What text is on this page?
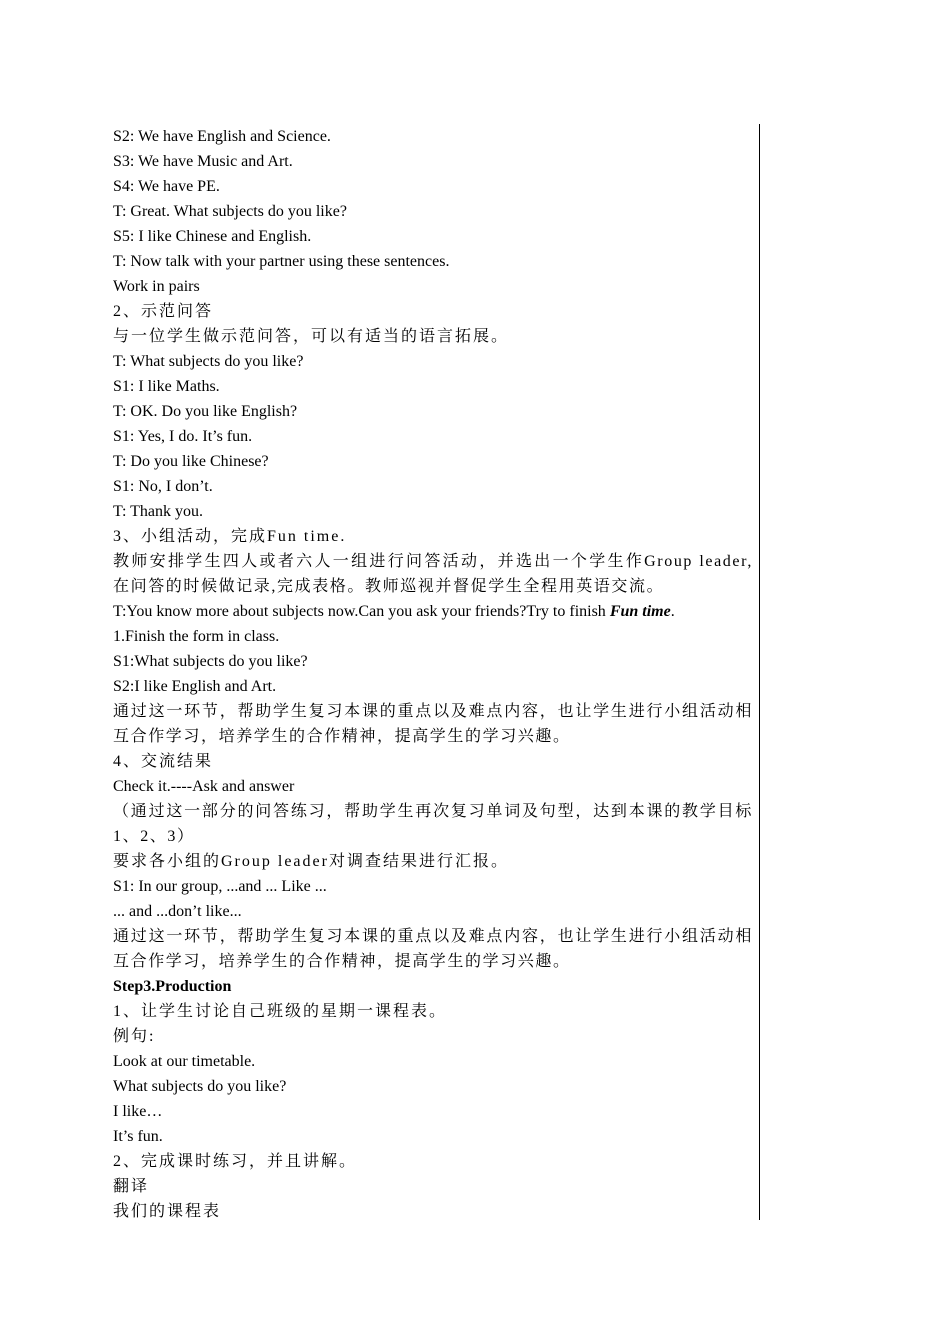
S2: We have English and Science.
S3: We have Music and Art.
S4: We have PE.
T: Great. What subjects do you like?
S5: I like Chinese and English.
T: Now talk with your partner using these sentences.
Work in pairs
2、示范问答
与一位学生做示范问答，可以有适当的语言拓展。
T: What subjects do you like?
S1: I like Maths.
T: OK. Do you like English?
S1: Yes, I do. It’s fun.
T: Do you like Chinese?
S1: No, I don’t.
T: Thank you.
3、小组活动，完成Fun time.
教师安排学生四人或者六人一组进行问答活动，并选出一个学生作Group leader, 在问答的时候做记录,完成表格。教师巡视并督促学生全程用英语交流。
T:You know more about subjects now.Can you ask your friends?Try to finish Fun time.
1.Finish the form in class.
S1:What subjects do you like?
S2:I like English and Art.
通过这一环节，帮助学生复习本课的重点以及难点内容，也让学生进行小组活动相互合作学习，培养学生的合作精神，提高学生的学习兴趣。
4、交流结果
Check it.----Ask and answer
（通过这一部分的问答练习，帮助学生再次复习单词及句型，达到本课的教学目标1、2、3）
要求各小组的Group leader对调查结果进行汇报。
S1: In our group, ...and ... Like ...
... and ...don’t like...
通过这一环节，帮助学生复习本课的重点以及难点内容，也让学生进行小组活动相互合作学习，培养学生的合作精神，提高学生的学习兴趣。
Step3.Production
1、让学生讨论自己班级的星期一课程表。
例句:
Look at our timetable.
What subjects do you like?
I like…
It’s fun.
2、完成课时练习，并且讲解。
翻译
我们的课程表
